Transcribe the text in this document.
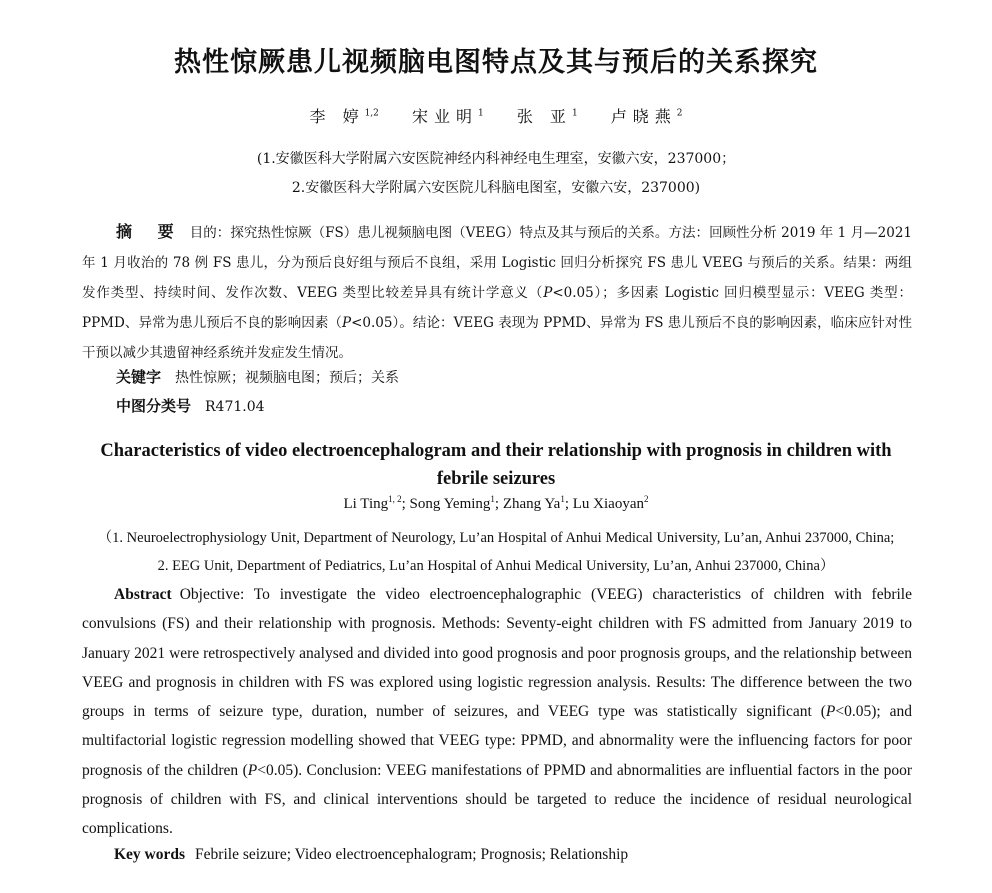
热性惊厥患儿视频脑电图特点及其与预后的关系探究
李 婷$^{1,2}$ 宋业明$^1$ 张 亚$^1$ 卢晓燕$^2$
(1.安徽医科大学附属六安医院神经内科神经电生理室，安徽六安，237000；
2.安徽医科大学附属六安医院儿科脑电图室，安徽六安，237000)

摘 要 目的：探究热性惊厥（FS）患儿视频脑电图（VEEG）特点及其与预后的关系。方法：回顾性分析 2019 年 1 月—2021 年 1 月收治的 78 例 FS 患儿，分为预后良好组与预后不良组，采用 Logistic 回归分析探究 FS 患儿 VEEG 与预后的关系。结果：两组发作类型、持续时间、发作次数、VEEG 类型比较差异具有统计学意义（P<0.05）；多因素 Logistic 回归模型显示：VEEG 类型：PPMD、异常为患儿预后不良的影响因素（P<0.05）。结论：VEEG 表现为 PPMD、异常为 FS 患儿预后不良的影响因素，临床应针对性干预以减少其遗留神经系统并发症发生情况。

关键字 热性惊厥；视频脑电图；预后；关系
中图分类号 R471.04

Characteristics of video electroencephalogram and their relationship with prognosis in children with febrile seizures

Li Ting$^{1, 2}$; Song Yeming$^1$; Zhang Ya$^1$; Lu Xiaoyan$^2$
（1. Neuroelectrophysiology Unit, Department of Neurology, Lu’an Hospital of Anhui Medical University, Lu’an, Anhui 237000, China;
2. EEG Unit, Department of Pediatrics, Lu’an Hospital of Anhui Medical University, Lu’an, Anhui 237000, China）

Abstract Objective: To investigate the video electroencephalographic (VEEG) characteristics of children with febrile convulsions (FS) and their relationship with prognosis. Methods: Seventy-eight children with FS admitted from January 2019 to January 2021 were retrospectively analysed and divided into good prognosis and poor prognosis groups, and the relationship between VEEG and prognosis in children with FS was explored using logistic regression analysis. Results: The difference between the two groups in terms of seizure type, duration, number of seizures, and VEEG type was statistically significant (P<0.05); and multifactorial logistic regression modelling showed that VEEG type: PPMD, and abnormality were the influencing factors for poor prognosis of the children (P<0.05). Conclusion: VEEG manifestations of PPMD and abnormalities are influential factors in the poor prognosis of children with FS, and clinical interventions should be targeted to reduce the incidence of residual neurological complications.

Key words Febrile seizure; Video electroencephalogram; Prognosis; Relationship
